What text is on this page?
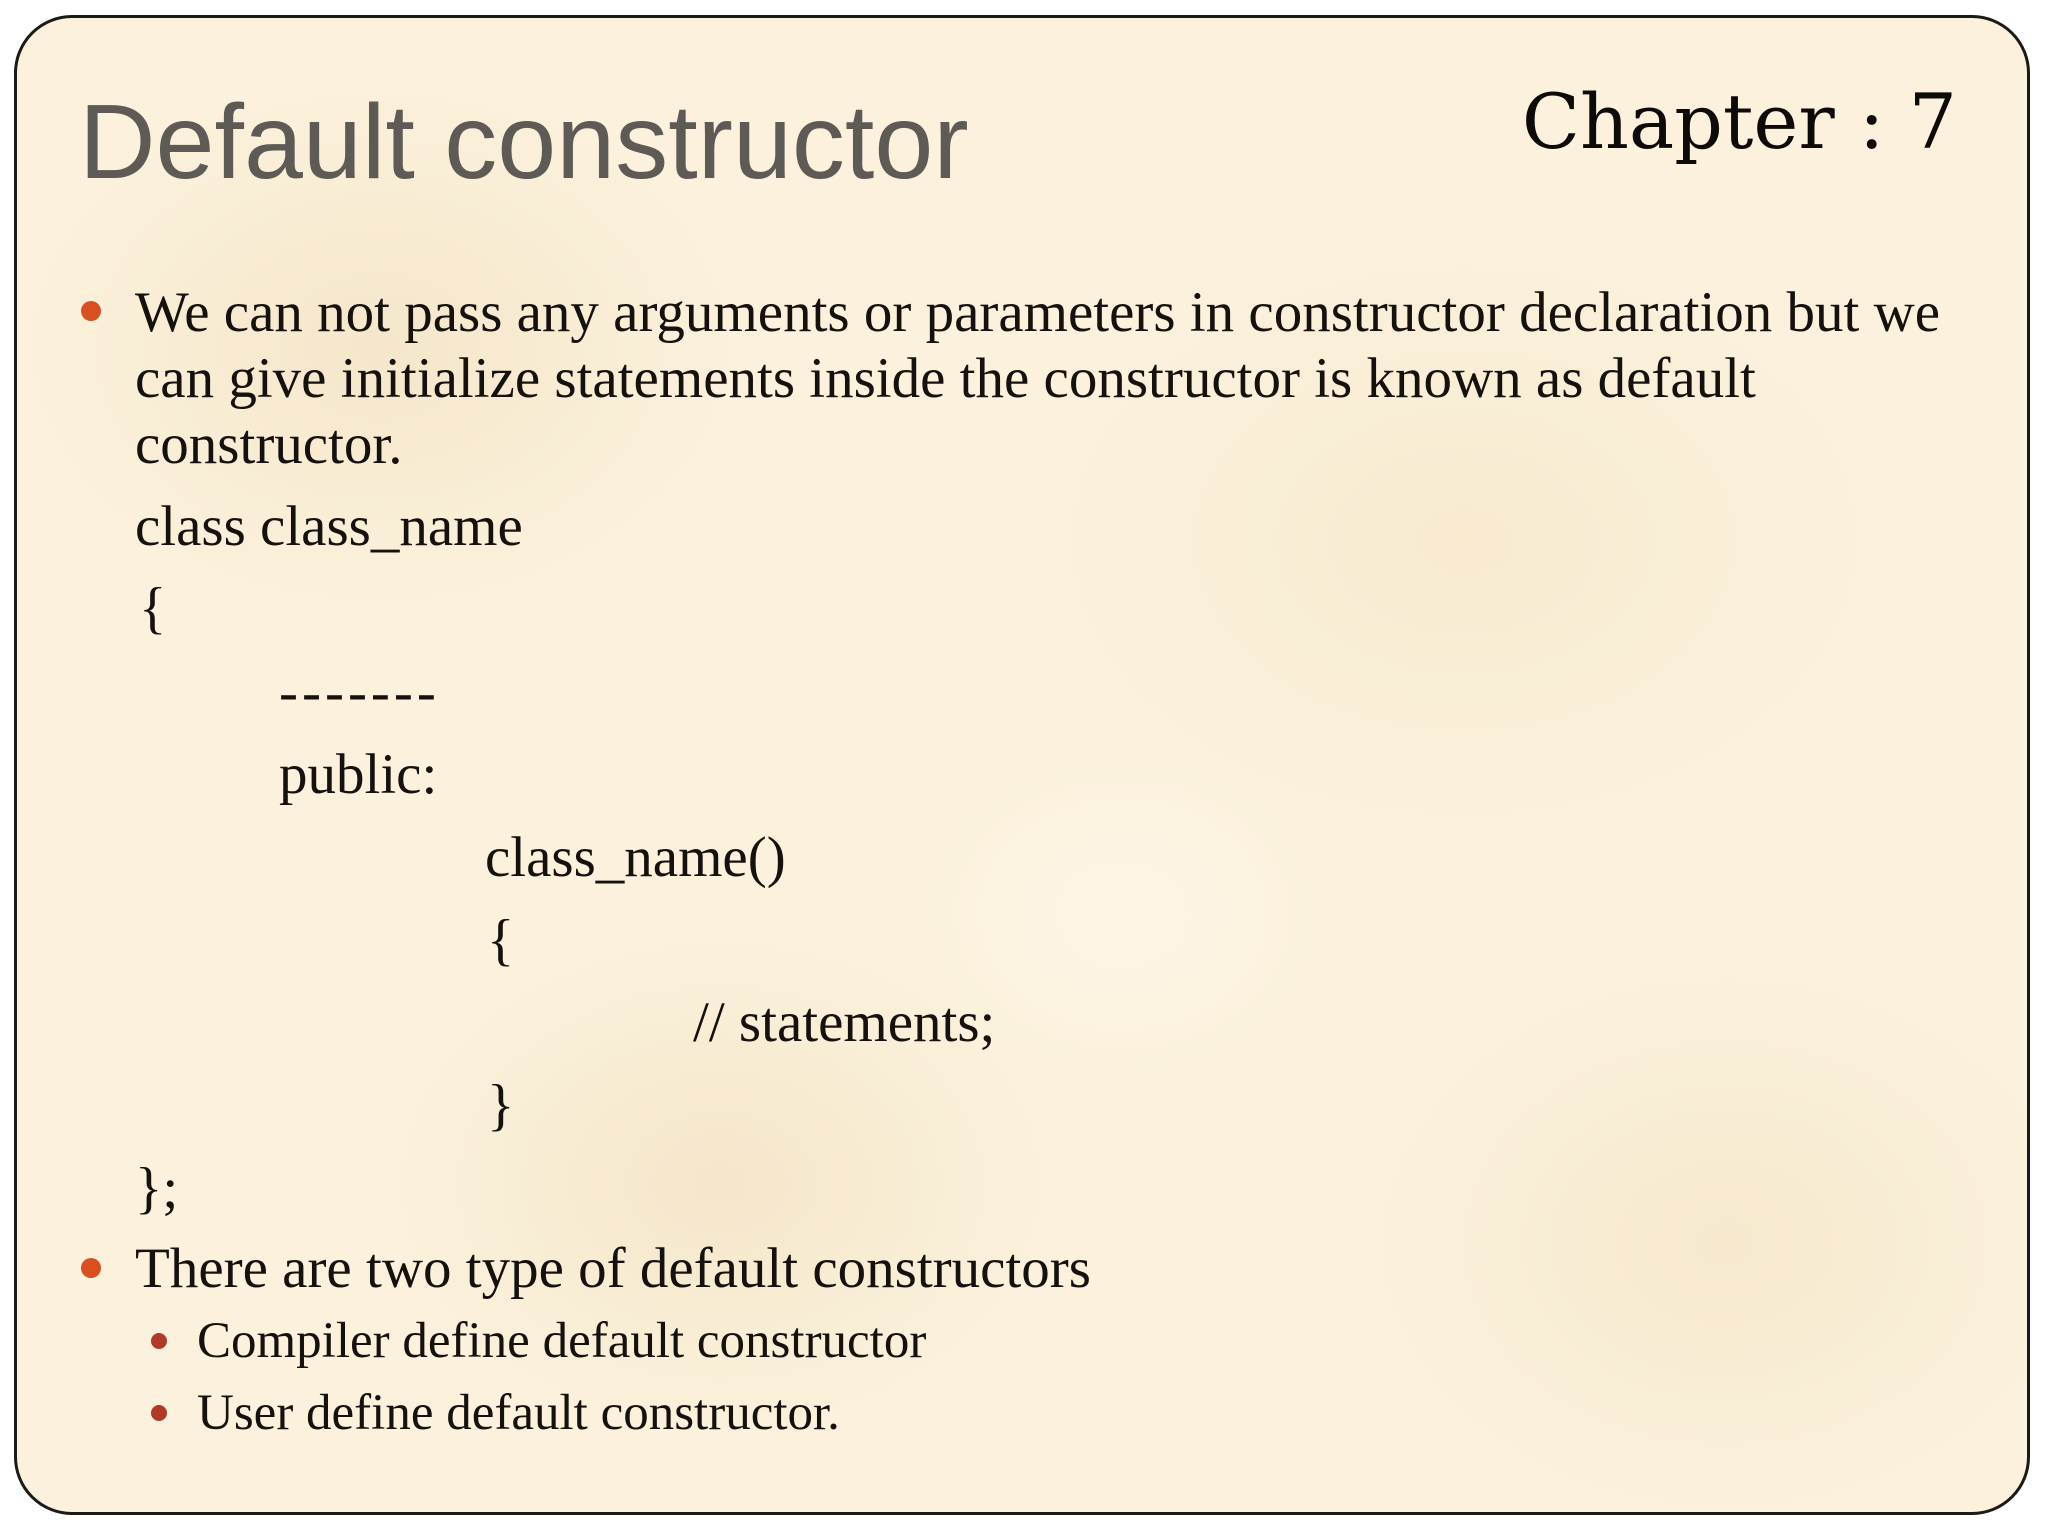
Default constructor	Chapter : 7
We can not pass any arguments or parameters in constructor declaration but we can give initialize statements inside the constructor is known as default constructor.
class class_name
{
-------
public:
class_name()
{
// statements;
}
};
There are two type of default constructors
Compiler define default constructor
User define default constructor.
